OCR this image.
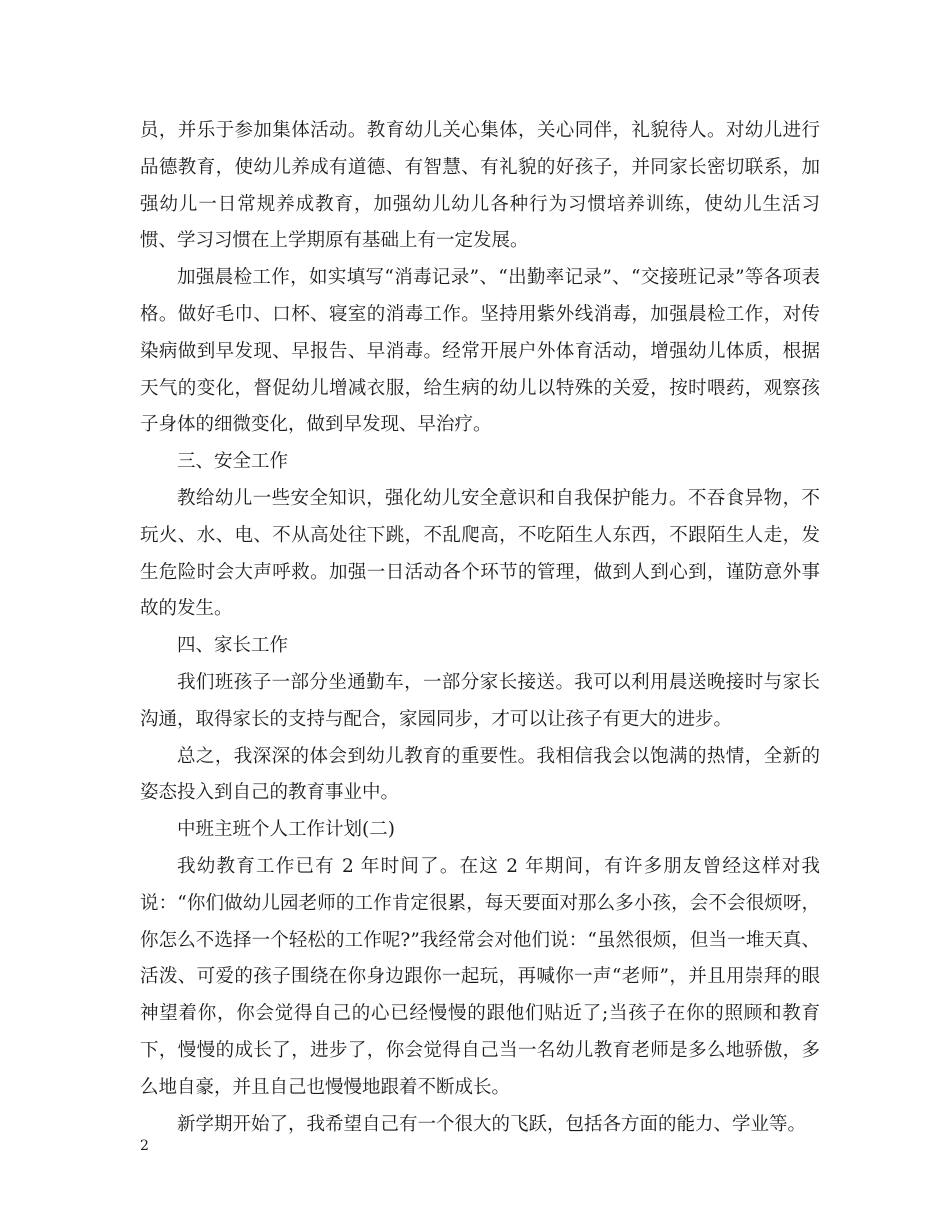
员，并乐于参加集体活动。教育幼儿关心集体，关心同伴，礼貌待人。对幼儿进行品德教育，使幼儿养成有道德、有智慧、有礼貌的好孩子，并同家长密切联系，加强幼儿一日常规养成教育，加强幼儿幼儿各种行为习惯培养训练，使幼儿生活习惯、学习习惯在上学期原有基础上有一定发展。

加强晨检工作，如实填写“消毒记录”、“出勤率记录”、“交接班记录”等各项表格。做好毛巾、口杯、寝室的消毒工作。坚持用紫外线消毒，加强晨检工作，对传染病做到早发现、早报告、早消毒。经常开展户外体育活动，增强幼儿体质，根据天气的变化，督促幼儿增减衣服，给生病的幼儿以特殊的关爱，按时喂药，观察孩子身体的细微变化，做到早发现、早治疗。

三、安全工作

教给幼儿一些安全知识，强化幼儿安全意识和自我保护能力。不吞食异物，不玩火、水、电、不从高处往下跳，不乱爬高，不吃陌生人东西，不跟陌生人走，发生危险时会大声呼救。加强一日活动各个环节的管理，做到人到心到，谨防意外事故的发生。

四、家长工作

我们班孩子一部分坐通勤车，一部分家长接送。我可以利用晨送晚接时与家长沟通，取得家长的支持与配合，家园同步，才可以让孩子有更大的进步。

总之，我深深的体会到幼儿教育的重要性。我相信我会以饱满的热情，全新的姿态投入到自己的教育事业中。

中班主班个人工作计划(二)

我幼教育工作已有 2 年时间了。在这 2 年期间，有许多朋友曾经这样对我说：“你们做幼儿园老师的工作肯定很累，每天要面对那么多小孩，会不会很烦呀，你怎么不选择一个轻松的工作呢?”我经常会对他们说：“虽然很烦，但当一堆天真、活泼、可爱的孩子围绕在你身边跟你一起玩，再喊你一声“老师”，并且用崇拜的眼神望着你，你会觉得自己的心已经慢慢的跟他们贴近了;当孩子在你的照顾和教育下，慢慢的成长了，进步了，你会觉得自己当一名幼儿教育老师是多么地骄傲，多么地自豪，并且自己也慢慢地跟着不断成长。

新学期开始了，我希望自己有一个很大的飞跃，包括各方面的能力、学业等。

2
